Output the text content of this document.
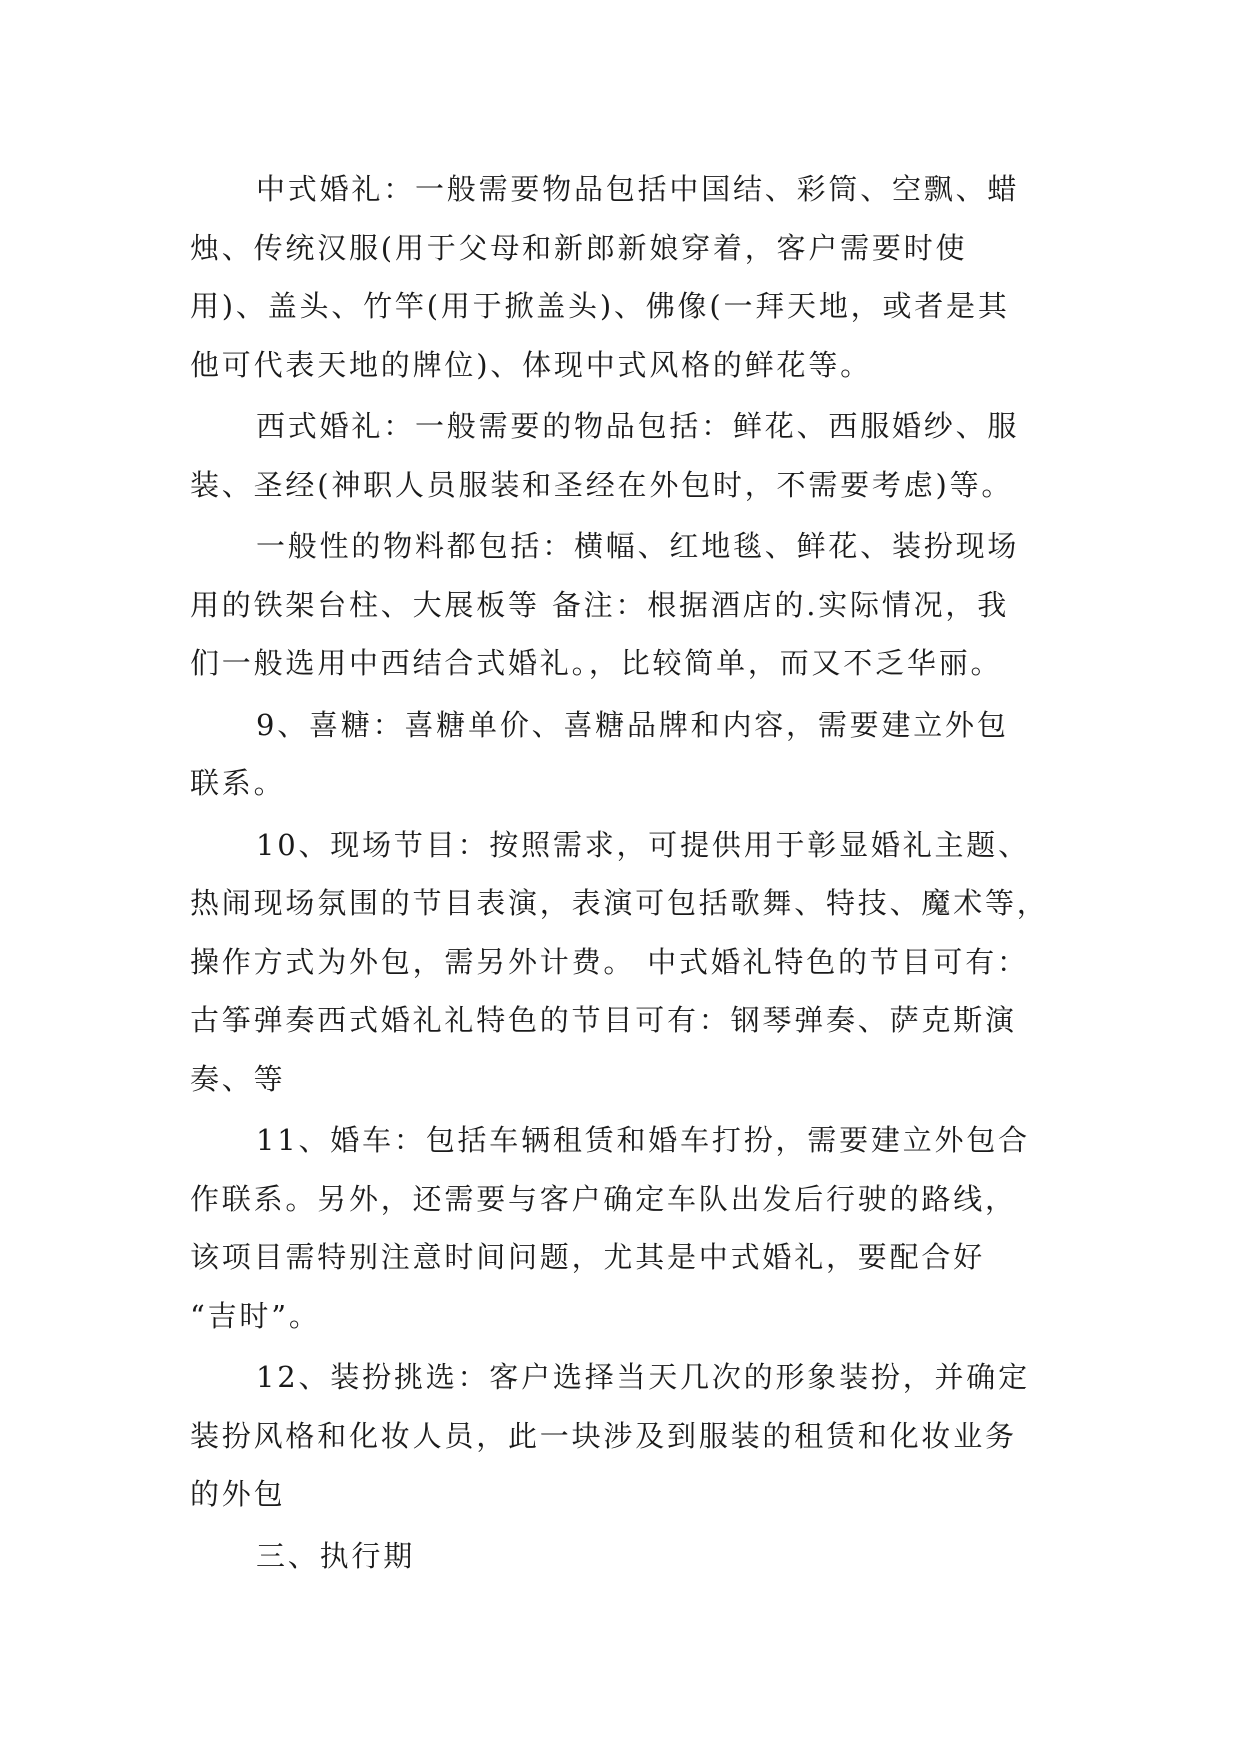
中式婚礼：一般需要物品包括中国结、彩筒、空飘、蜡
烛、传统汉服(用于父母和新郎新娘穿着，客户需要时使
用)、盖头、竹竿(用于掀盖头)、佛像(一拜天地，或者是其
他可代表天地的牌位)、体现中式风格的鲜花等。

西式婚礼：一般需要的物品包括：鲜花、西服婚纱、服
装、圣经(神职人员服装和圣经在外包时，不需要考虑)等。

一般性的物料都包括：横幅、红地毯、鲜花、装扮现场
用的铁架台柱、大展板等 备注：根据酒店的.实际情况，我
们一般选用中西结合式婚礼。，比较简单，而又不乏华丽。

9、喜糖：喜糖单价、喜糖品牌和内容，需要建立外包
联系。

10、现场节目：按照需求，可提供用于彰显婚礼主题、
热闹现场氛围的节目表演，表演可包括歌舞、特技、魔术等，
操作方式为外包，需另外计费。 中式婚礼特色的节目可有：
古筝弹奏西式婚礼礼特色的节目可有：钢琴弹奏、萨克斯演
奏、等

11、婚车：包括车辆租赁和婚车打扮，需要建立外包合
作联系。另外，还需要与客户确定车队出发后行驶的路线，
该项目需特别注意时间问题，尤其是中式婚礼，要配合好
“吉时”。

12、装扮挑选：客户选择当天几次的形象装扮，并确定
装扮风格和化妆人员，此一块涉及到服装的租赁和化妆业务
的外包

三、执行期
